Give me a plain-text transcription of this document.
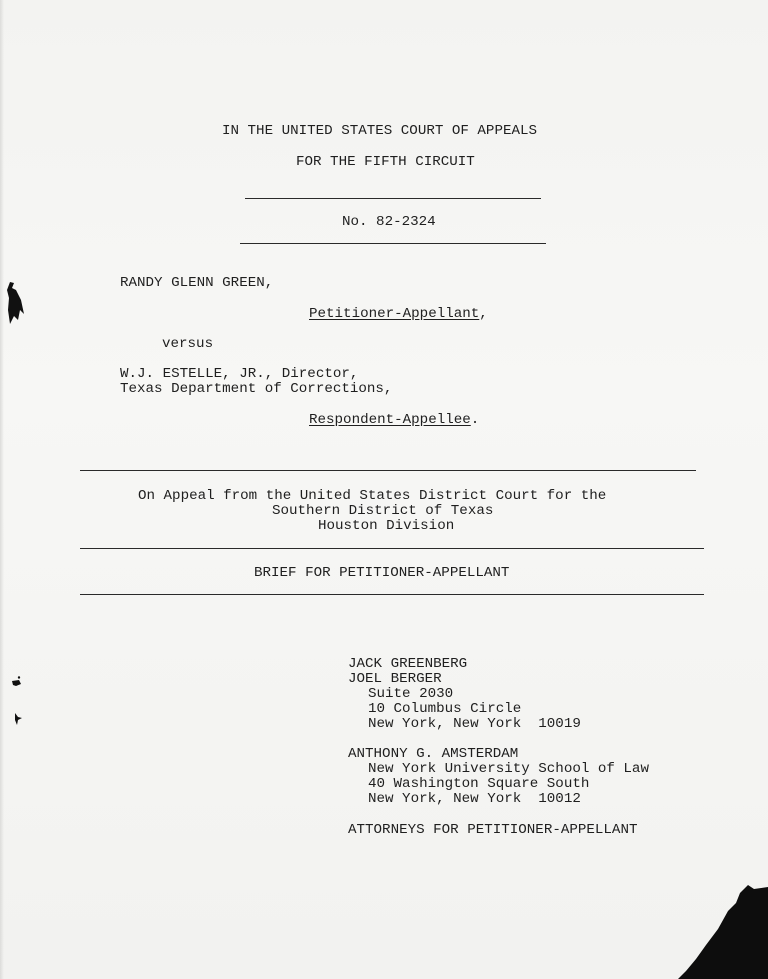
IN THE UNITED STATES COURT OF APPEALS

FOR THE FIFTH CIRCUIT

No. 82-2324

RANDY GLENN GREEN,

Petitioner-Appellant,

versus

W.J. ESTELLE, JR., Director,

Texas Department of Corrections,

Respondent-Appellee.

On Appeal from the United States District Court for the

Southern District of Texas

Houston Division

BRIEF FOR PETITIONER-APPELLANT

JACK GREENBERG

JOEL BERGER

Suite 2030

10 Columbus Circle

New York, New York  10019

ANTHONY G. AMSTERDAM

New York University School of Law

40 Washington Square South

New York, New York  10012

ATTORNEYS FOR PETITIONER-APPELLANT
